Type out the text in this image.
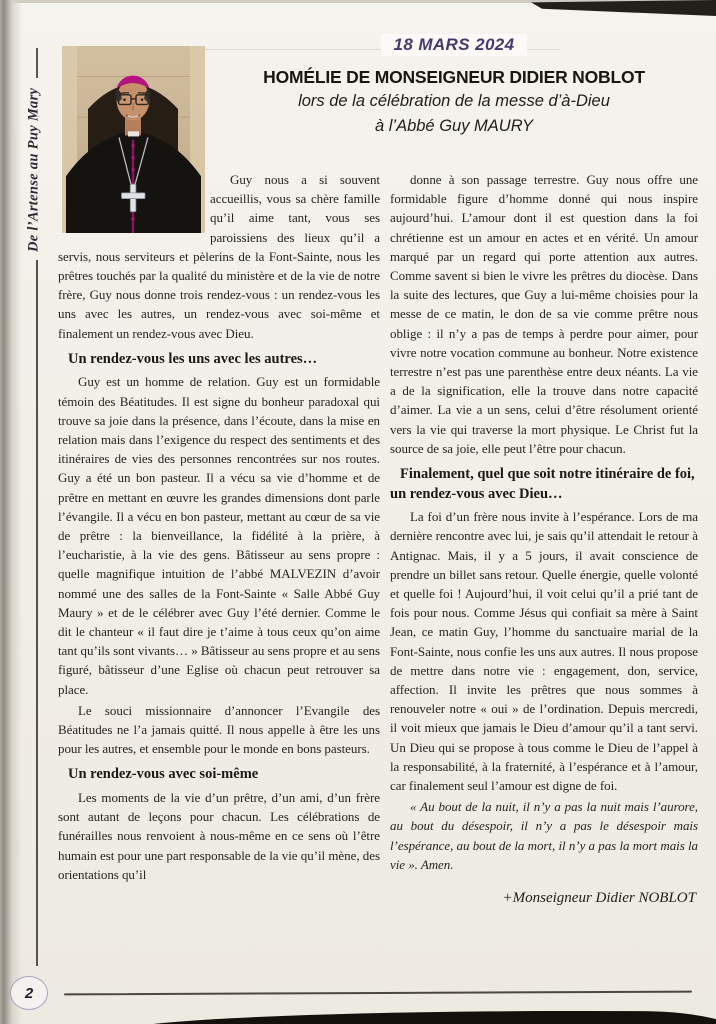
De l’Artense au Puy Mary
18 MARS 2024
HOMÉLIE DE MONSEIGNEUR DIDIER NOBLOT
lors de la célébration de la messe d’à-Dieu
à l’Abbé Guy MAURY

Guy nous a si souvent accueillis, vous sa chère famille qu’il aime tant, vous ses paroissiens des lieux qu’il a servis, nous serviteurs et pèlerins de la Font-Sainte, nous les prêtres touchés par la qualité du ministère et de la vie de notre frère, Guy nous donne trois rendez-vous : un rendez-vous les uns avec les autres, un rendez-vous avec soi-même et finalement un rendez-vous avec Dieu.

Un rendez-vous les uns avec les autres…

Guy est un homme de relation. Guy est un formidable témoin des Béatitudes. Il est signe du bonheur paradoxal qui trouve sa joie dans la présence, dans l’écoute, dans la mise en relation mais dans l’exigence du respect des sentiments et des itinéraires de vies des personnes rencontrées sur nos routes. Guy a été un bon pasteur. Il a vécu sa vie d’homme et de prêtre en mettant en œuvre les grandes dimensions dont parle l’évangile. Il a vécu en bon pasteur, mettant au cœur de sa vie de prêtre : la bienveillance, la fidélité à la prière, à l’eucharistie, à la vie des gens. Bâtisseur au sens propre : quelle magnifique intuition de l’abbé MALVEZIN d’avoir nommé une des salles de la Font-Sainte « Salle Abbé Guy Maury » et de le célébrer avec Guy l’été dernier. Comme le dit le chanteur « il faut dire je t’aime à tous ceux qu’on aime tant qu’ils sont vivants… » Bâtisseur au sens propre et au sens figuré, bâtisseur d’une Eglise où chacun peut retrouver sa place.

Le souci missionnaire d’annoncer l’Evangile des Béatitudes ne l’a jamais quitté. Il nous appelle à être les uns pour les autres, et ensemble pour le monde en bons pasteurs.

Un rendez-vous avec soi-même

Les moments de la vie d’un prêtre, d’un ami, d’un frère sont autant de leçons pour chacun. Les célébrations de funérailles nous renvoient à nous-même en ce sens où l’être humain est pour une part responsable de la vie qu’il mène, des orientations qu’il

donne à son passage terrestre. Guy nous offre une formidable figure d’homme donné qui nous inspire aujourd’hui. L’amour dont il est question dans la foi chrétienne est un amour en actes et en vérité. Un amour marqué par un regard qui porte attention aux autres. Comme savent si bien le vivre les prêtres du diocèse. Dans la suite des lectures, que Guy a lui-même choisies pour la messe de ce matin, le don de sa vie comme prêtre nous oblige : il n’y a pas de temps à perdre pour aimer, pour vivre notre vocation commune au bonheur. Notre existence terrestre n’est pas une parenthèse entre deux néants. La vie a de la signification, elle la trouve dans notre capacité d’aimer. La vie a un sens, celui d’être résolument orienté vers la vie qui traverse la mort physique. Le Christ fut la source de sa joie, elle peut l’être pour chacun.

Finalement, quel que soit notre itinéraire de foi, un rendez-vous avec Dieu…

La foi d’un frère nous invite à l’espérance. Lors de ma dernière rencontre avec lui, je sais qu’il attendait le retour à Antignac. Mais, il y a 5 jours, il avait conscience de prendre un billet sans retour. Quelle énergie, quelle volonté et quelle foi ! Aujourd’hui, il voit celui qu’il a prié tant de fois pour nous. Comme Jésus qui confiait sa mère à Saint Jean, ce matin Guy, l’homme du sanctuaire marial de la Font-Sainte, nous confie les uns aux autres. Il nous propose de mettre dans notre vie : engagement, don, service, affection. Il invite les prêtres que nous sommes à renouveler notre « oui » de l’ordination. Depuis mercredi, il voit mieux que jamais le Dieu d’amour qu’il a tant servi. Un Dieu qui se propose à tous comme le Dieu de l’appel à la responsabilité, à la fraternité, à l’espérance et à l’amour, car finalement seul l’amour est digne de foi.

« Au bout de la nuit, il n’y a pas la nuit mais l’aurore, au bout du désespoir, il n’y a pas le désespoir mais l’espérance, au bout de la mort, il n’y a pas la mort mais la vie ». Amen.

+Monseigneur Didier NOBLOT
2
